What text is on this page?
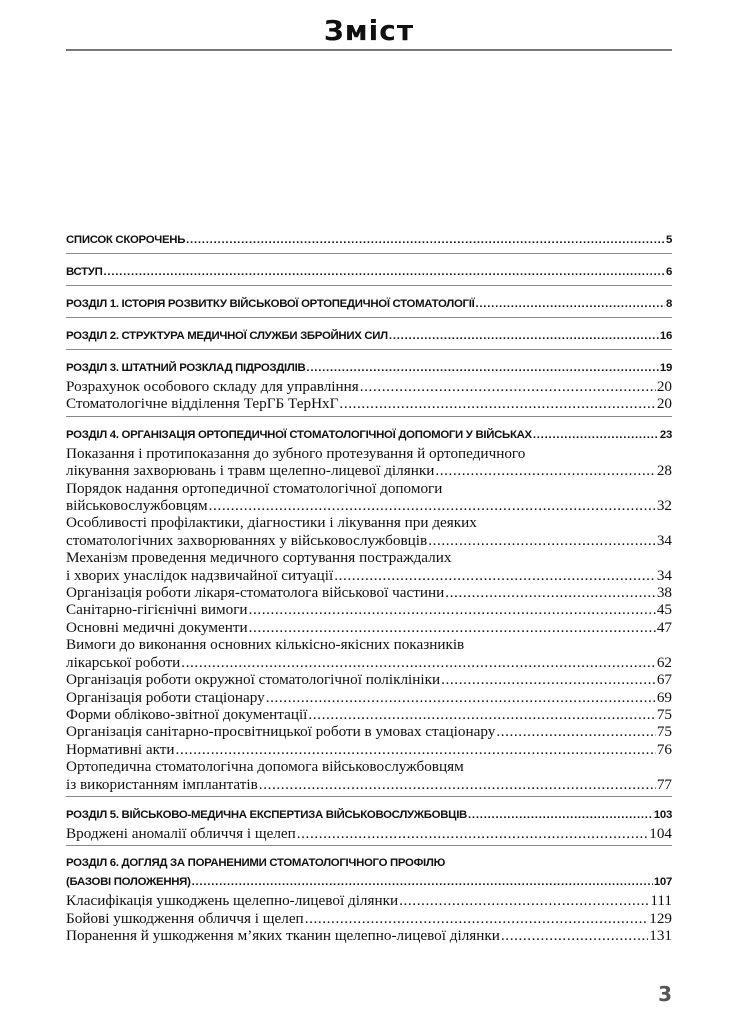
Зміст
СПИСОК СКОРОЧЕНЬ . . .	5
ВСТУП . . .	6
РОЗДІЛ 1. ІСТОРІЯ РОЗВИТКУ ВІЙСЬКОВОЇ ОРТОПЕДИЧНОЇ СТОМАТОЛОГІЇ . . .	8
РОЗДІЛ 2. СТРУКТУРА МЕДИЧНОЇ СЛУЖБИ ЗБРОЙНИХ СИЛ . . .	16
РОЗДІЛ 3. ШТАТНИЙ РОЗКЛАД ПІДРОЗДІЛІВ . . .	19
Розрахунок особового складу для управління . . .	20
Стоматологічне відділення ТерГБ ТерНхГ . . .	20
РОЗДІЛ 4. ОРГАНІЗАЦІЯ ОРТОПЕДИЧНОЇ СТОМАТОЛОГІЧНОЇ ДОПОМОГИ У ВІЙСЬКАХ . . .	23
Показання і протипоказання до зубного протезування й ортопедичного
лікування захворювань і травм щелепно-лицевої ділянки . . .	28
Порядок надання ортопедичної стоматологічної допомоги
військовослужбовцям . . .	32
Особливості профілактики, діагностики і лікування при деяких
стоматологічних захворюваннях у військовослужбовців . . .	34
Механізм проведення медичного сортування постраждалих
і хворих унаслідок надзвичайної ситуації . . .	34
Організація роботи лікаря-стоматолога військової частини . . .	38
Санітарно-гігієнічні вимоги . . .	45
Основні медичні документи . . .	47
Вимоги до виконання основних кількісно-якісних показників
лікарської роботи . . .	62
Організація роботи окружної стоматологічної поліклініки . . .	67
Організація роботи стаціонару . . .	69
Форми обліково-звітної документації . . .	75
Організація санітарно-просвітницької роботи в умовах стаціонару . . .	75
Нормативні акти . . .	76
Ортопедична стоматологічна допомога військовослужбовцям
із використанням імплантатів . . .	77
РОЗДІЛ 5. ВІЙСЬКОВО-МЕДИЧНА ЕКСПЕРТИЗА ВІЙСЬКОВОСЛУЖБОВЦІВ . . .	103
Вроджені аномалії обличчя і щелеп . . .	104
РОЗДІЛ 6. ДОГЛЯД ЗА ПОРАНЕНИМИ СТОМАТОЛОГІЧНОГО ПРОФІЛЮ
(БАЗОВІ ПОЛОЖЕННЯ) . . .	107
Класифікація ушкоджень щелепно-лицевої ділянки . . .	111
Бойові ушкодження обличчя і щелеп . . .	129
Поранення й ушкодження м’яких тканин щелепно-лицевої ділянки . . .	131
3
